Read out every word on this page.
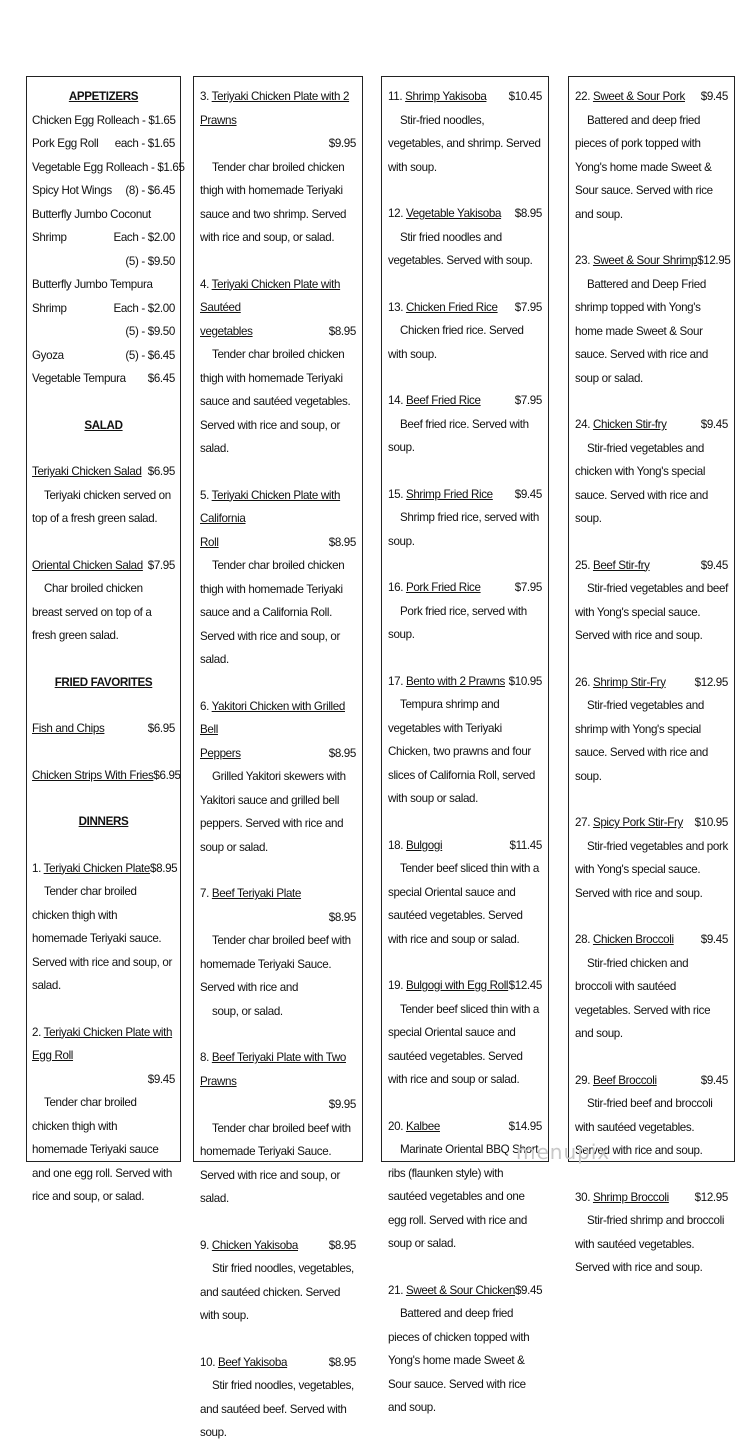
APPETIZERS

Chicken Egg Roll each - $1.65
Pork Egg Roll each - $1.65
Vegetable Egg Roll each - $1.65
Spicy Hot Wings (8) - $6.45
Butterfly Jumbo Coconut
Shrimp	Each - $2.00
(5) - $9.50
Butterfly Jumbo Tempura
Shrimp	Each - $2.00
(5) - $9.50
Gyoza	(5) - $6.45
Vegetable Tempura $6.45

SALAD

Teriyaki Chicken Salad $6.95

Teriyaki chicken served on top of a fresh green salad.

Oriental Chicken Salad $7.95

Char broiled chicken breast served on top of a fresh green salad.

FRIED FAVORITES

Fish and Chips	$6.95
Chicken Strips With Fries $6.95

DINNERS

1. Teriyaki Chicken Plate $8.95

Tender char broiled chicken thigh with homemade Teriyaki sauce. Served with rice and soup, or salad.

2. Teriyaki Chicken Plate with Egg Roll
$9.45

Tender char broiled chicken thigh with homemade Teriyaki sauce and one egg roll. Served with rice and soup, or salad.

3. Teriyaki Chicken Plate with 2 Prawns
$9.95

Tender char broiled chicken thigh with homemade Teriyaki sauce and two shrimp. Served with rice and soup, or salad.

4. Teriyaki Chicken Plate with Sautéed
vegetables	$8.95

Tender char broiled chicken thigh with homemade Teriyaki sauce and sautéed vegetables. Served with rice and soup, or salad.

5. Teriyaki Chicken Plate with California
Roll	$8.95

Tender char broiled chicken thigh with homemade Teriyaki sauce and a California Roll. Served with rice and soup, or salad.

6. Yakitori Chicken with Grilled Bell
Peppers	$8.95

Grilled Yakitori skewers with Yakitori sauce and grilled bell peppers. Served with rice and soup or salad.

7. Beef Teriyaki Plate
$8.95

Tender char broiled beef with homemade Teriyaki Sauce. Served with rice and

soup, or salad.
8. Beef Teriyaki Plate with Two Prawns
$9.95

Tender char broiled beef with homemade Teriyaki Sauce. Served with rice and soup, or salad.

9. Chicken Yakisoba	$8.95

Stir fried noodles, vegetables, and sautéed chicken. Served with soup.

10. Beef Yakisoba	$8.95

Stir fried noodles, vegetables, and sautéed beef. Served with soup.

11. Shrimp Yakisoba $10.45

Stir-fried noodles, vegetables, and shrimp. Served with soup.

12. Vegetable Yakisoba $8.95

Stir fried noodles and vegetables. Served with soup.

13. Chicken Fried Rice $7.95

Chicken fried rice. Served with soup.

14. Beef Fried Rice	$7.95

Beef fried rice. Served with soup.

15. Shrimp Fried Rice $9.45

Shrimp fried rice, served with soup.

16. Pork Fried Rice	$7.95

Pork fried rice, served with soup.

17. Bento with 2 Prawns $10.95

Tempura shrimp and vegetables with Teriyaki Chicken, two prawns and four slices of California Roll, served with soup or salad.

18. Bulgogi	$11.45

Tender beef sliced thin with a special Oriental sauce and sautéed vegetables. Served with rice and soup or salad.

19. Bulgogi with Egg Roll $12.45

Tender beef sliced thin with a special Oriental sauce and sautéed vegetables. Served with rice and soup or salad.

20. Kalbee	$14.95

Marinate Oriental BBQ Short ribs (flaunken style) with sautéed vegetables and one egg roll. Served with rice and soup or salad.

21. Sweet & Sour Chicken $9.45

Battered and deep fried pieces of chicken topped with Yong's home made Sweet & Sour sauce. Served with rice and soup.

22. Sweet & Sour Pork $9.45

Battered and deep fried pieces of pork topped with Yong's home made Sweet & Sour sauce. Served with rice and soup.

23. Sweet & Sour Shrimp $12.95

Battered and Deep Fried shrimp topped with Yong's home made Sweet & Sour sauce. Served with rice and soup or salad.

24. Chicken Stir-fry	$9.45

Stir-fried vegetables and chicken with Yong's special sauce. Served with rice and soup.

25. Beef Stir-fry	$9.45

Stir-fried vegetables and beef with Yong's special sauce. Served with rice and soup.

26. Shrimp Stir-Fry $12.95

Stir-fried vegetables and shrimp with Yong's special sauce. Served with rice and soup.

27. Spicy Pork Stir-Fry $10.95

Stir-fried vegetables and pork with Yong's special sauce. Served with rice and soup.

28. Chicken Broccoli $9.45

Stir-fried chicken and broccoli with sautéed vegetables. Served with rice and soup.

29. Beef Broccoli	$9.45

Stir-fried beef and broccoli with sautéed vegetables. Served with rice and soup.

30. Shrimp Broccoli $12.95

Stir-fried shrimp and broccoli with sautéed vegetables. Served with rice and soup.

menupix
